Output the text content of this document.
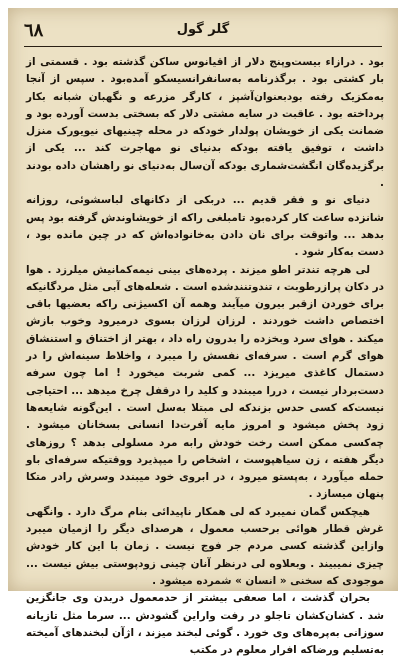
٦٨	گلر گول

بود . درازاء بیست‌وپنج دلار از اقیانوس ساکن گذشته بود . قسمتی از بار کشتی بود . برگذرنامه به‌سانفرانسیسکو آمده‌بود . سپس از آنجا به‌مکزیک رفته بود‌بعنوان‌آشپز ، کارگر مزرعه و نگهبان شبانه بکار پرداخته بود . عاقبت در سایه مشتی دلار که بسختی بدست آورده بود و ضمانت یکی از خویشان پولدار خودکه در محله چینیهای نیویورک منزل داشت ، توفیق یافته بودکه بدنیای نو مهاجرت کند ... یکی از برگزیده‌گان انگشت‌شماری بودکه آن‌سال به‌دنیای نو راهشان داده بودند .

دنیای نو و فقر قدیم ... دربکی از دکانهای لباسشوئی، روزانه شانزده ساعت کار کرده‌بود تامبلغی راکه از خویشاوندش گرفته بود پس بدهد ... واتوقت برای نان دادن به‌خانواده‌اش که در چین مانده بود ، دست به‌کار شود .

لی هرچه تندتر اطو میزند . پرده‌های بینی نیمه‌کمانیش میلرزد . هوا در دکان پرازرطوبت ، تندوتنندشده است . شعله‌های آبی مثل مردگانیکه برای خوردن ازقبر بیرون میآیند وهمه آن اکسیژنی راکه بعضیها باقی اختصاص داشت خوردند . لرزان لرزان بسوی درمیرود وخوب بازش میکند . هوای سرد وبخزده را بدرون راه داد ، بهتر از اختناق و استنشاق هوای گرم است . سرفه‌ای نفسش را میبرد ، واخلاط سینه‌اش را در دستمال کاغذی میریزد ... کمی شربت میخورد ! اما چون سرفه دست‌بردار نیست ، دررا میبندد و کلید را درقفل چرخ میدهد ... احتیاجی نیست‌که کسی حدس بزندکه لی مبتلا به‌سل است . این‌گونه شایعه‌ها زود پخش میشود و امروز مایه آفرت‌دا انسانی بسخانان میشود . چه‌کسی ممکن است رخت خودش رابه مرد مسلولی بدهد ؟ روزهای دیگر هفته ، زن سیاهپوست ، اشخاص را میپذیرد ووقتیکه سرفه‌ای باو حمله میآورد ، به‌پستو میرود ، در ابروی خود میبندد وسرش رادر متکا پنهان میسازد .

هیچکس گمان نمیبرد که لی همکار ناپیدائی بنام مرگ دارد . وانگهی غرش قطار هوائی برحسب معمول ، هرصدای دیگر را ازمیان میبرد وازاین گذشته کسی مردم جر فوج نیست . زمان با این کار خودش چیزی نمیبیند . وبعلاوه لی درنظر آنان چینی زودپوستی بیش نیست ... موجودی که سخنی « انسان » شمرده میشود .

بحران گذشت ، اما صعفی بیشتر از حدمعمول دربدن وی جانگزین شد . کشان‌کشان تاجلو در رفت واراین گشودش ... سرما مثل تازیانه سوزانی به‌پره‌های وی خورد . گوئی لبخند میزند ، اژآن لبخندهای آمیخته به‌تسلیم ورضاکه افرار معلوم در مکتب
